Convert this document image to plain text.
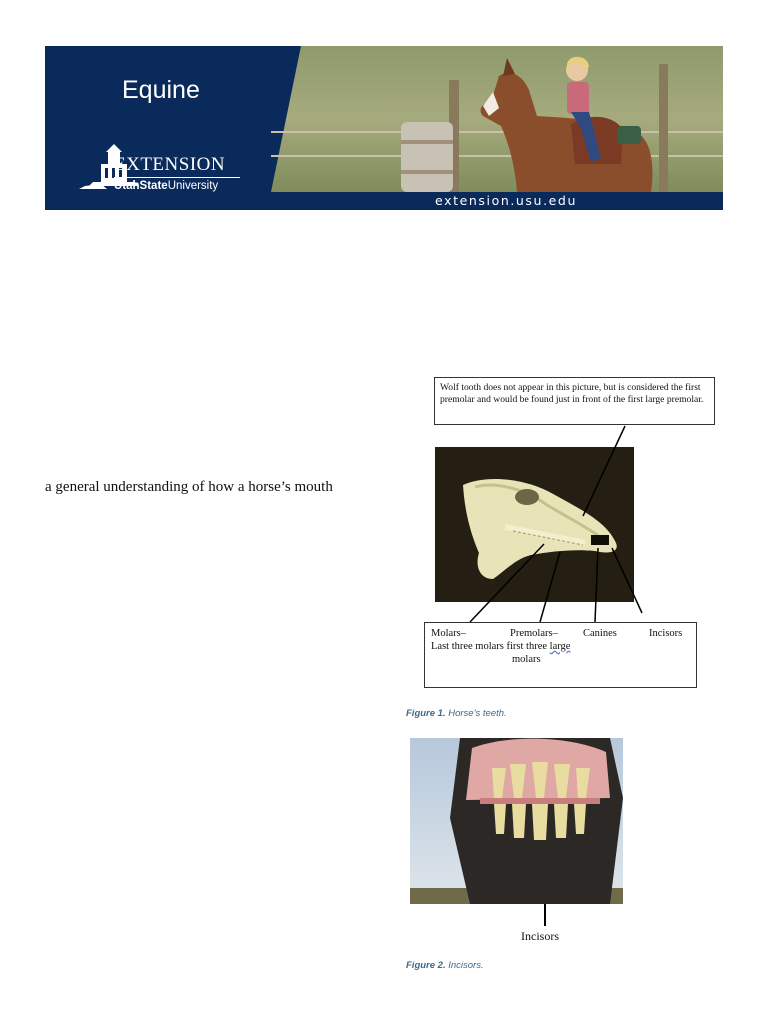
Equine
EXTENSION
UtahStateUniversity
extension.usu.edu
a general understanding of how a horse’s mouth
Wolf tooth does not appear in this picture, but is considered the first premolar and would be found just in front of the first large premolar.
Molars–	Premolars– Canines	Incisors
Last three molars first three large
molars
Figure 1. Horse’s teeth.
Incisors
Figure 2. Incisors.
